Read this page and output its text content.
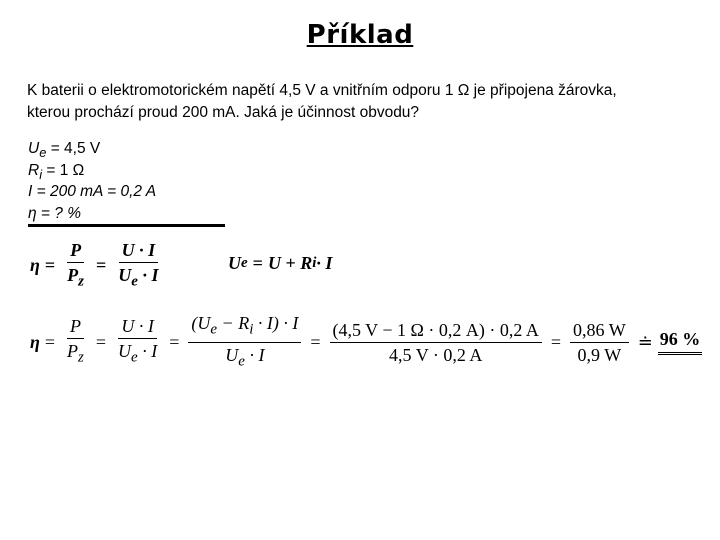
Příklad
K baterii o elektromotorickém napětí 4,5 V a vnitřním odporu 1 Ω je připojena žárovka,
kterou prochází proud 200 mA. Jaká je účinnost obvodu?
$U_e = 4,5$ V
$R_i = 1$ Ω
I = 200 mA = 0,2 A
η = ? %
$\eta = \frac{P}{P_z} = \frac{U \cdot I}{U_e \cdot I}$	U e = U + R i · I
$\eta = \frac{P}{P_z} = \frac{U \cdot I}{U_e \cdot I} = \frac{(U_e - R_i \cdot I) \cdot I}{U_e \cdot I} = \frac{(4,5 V - 1 \Omega \cdot 0,2 A) \cdot 0,2 A}{4,5 V \cdot 0,2 A} = \frac{0,86 W}{0,9 W}$ ≐ 96 %
